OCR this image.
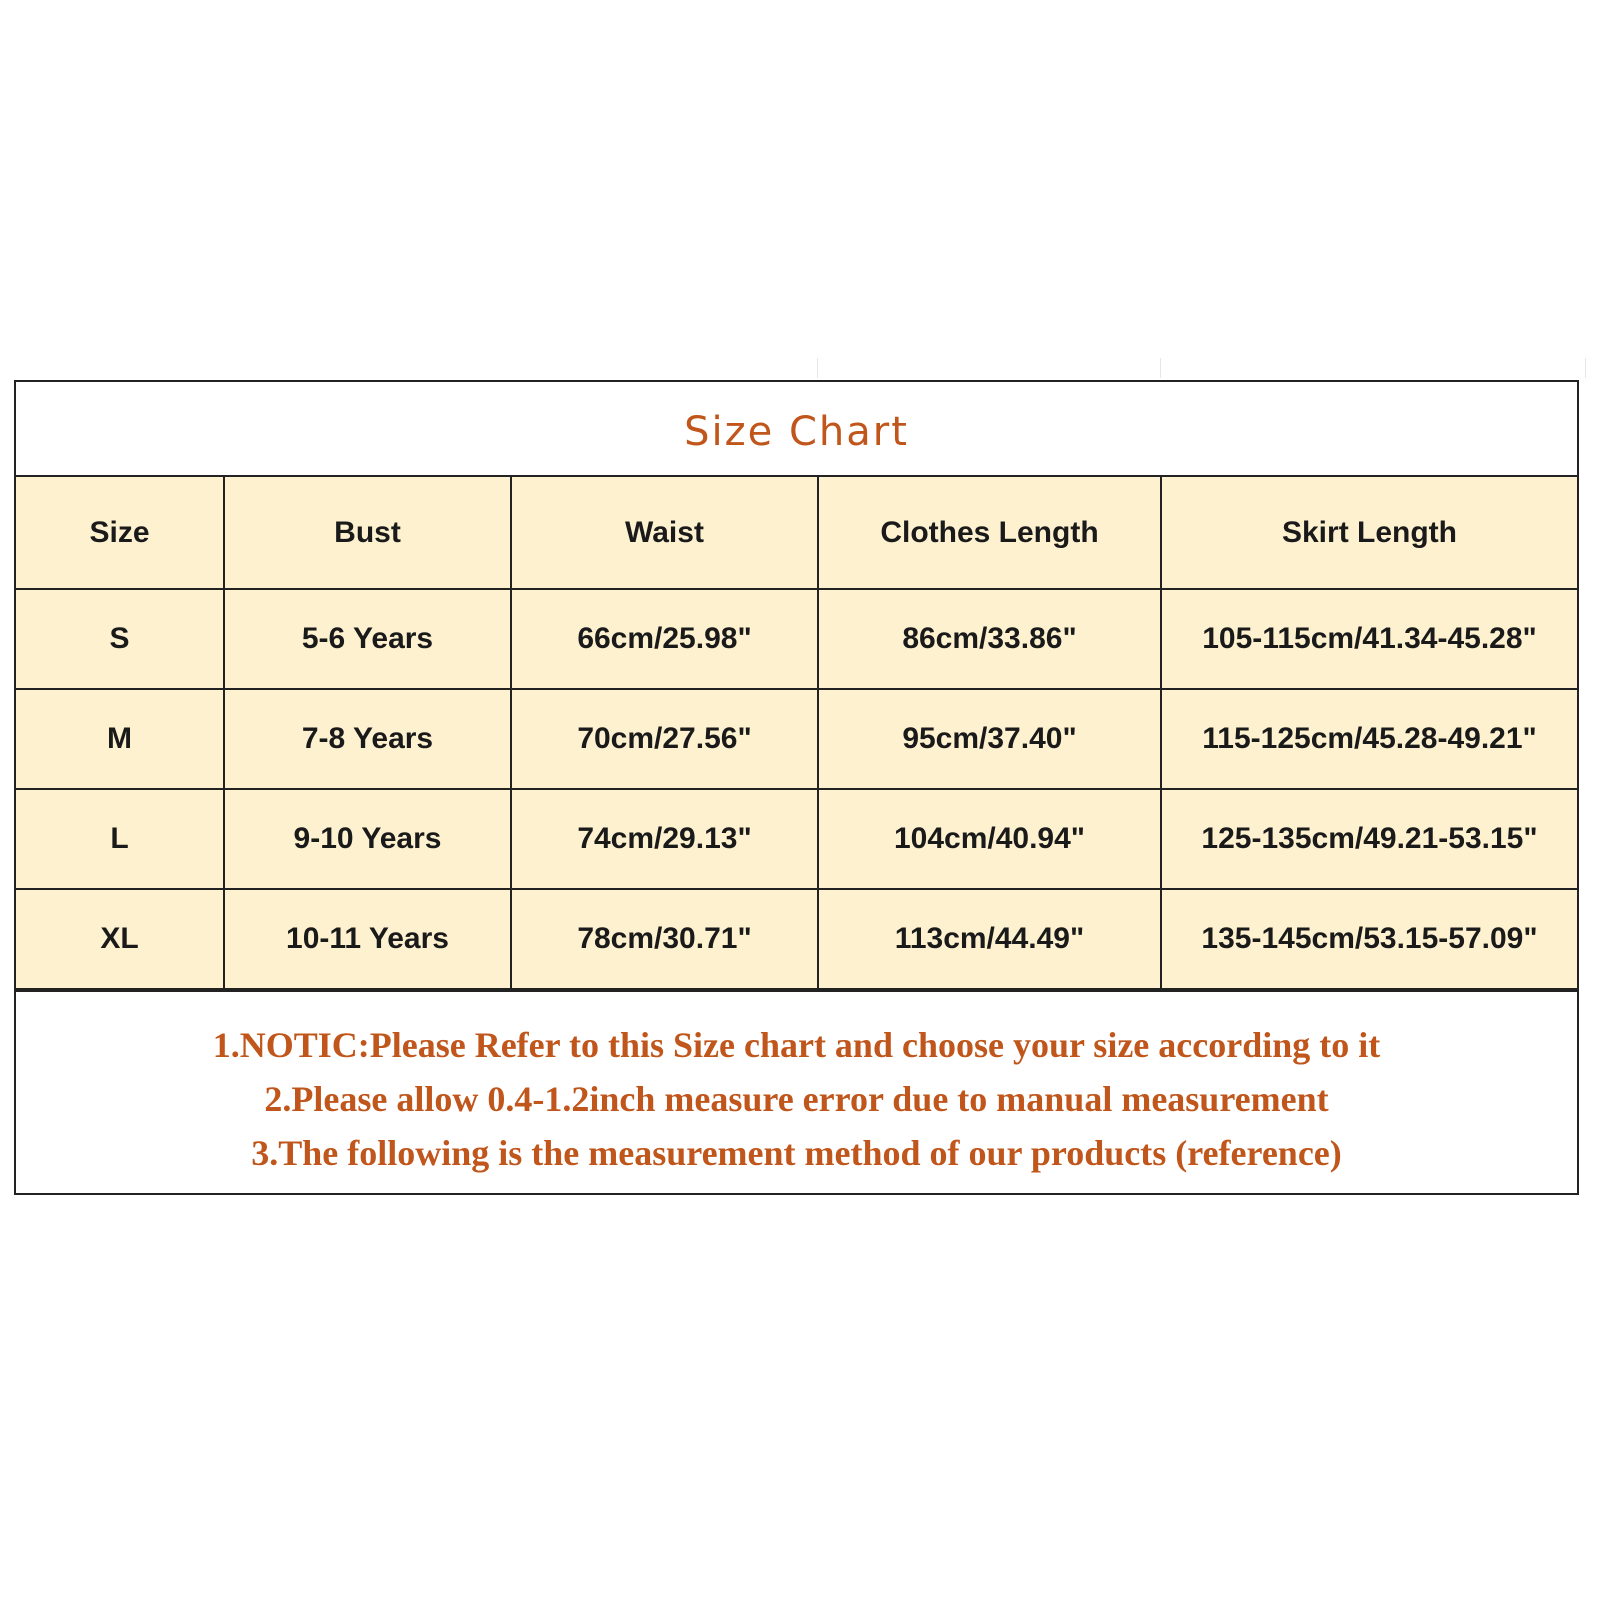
Size Chart
Size	Bust	Waist	Clothes Length	Skirt Length
S	5-6 Years	66cm/25.98"	86cm/33.86"	105-115cm/41.34-45.28"
M	7-8 Years	70cm/27.56"	95cm/37.40"	115-125cm/45.28-49.21"
L	9-10 Years	74cm/29.13"	104cm/40.94"	125-135cm/49.21-53.15"
XL	10-11 Years	78cm/30.71"	113cm/44.49"	135-145cm/53.15-57.09"
1.NOTIC:Please Refer to this Size chart and choose your size according to it
2.Please allow 0.4-1.2inch measure error due to manual measurement
3.The following is the measurement method of our products (reference)
